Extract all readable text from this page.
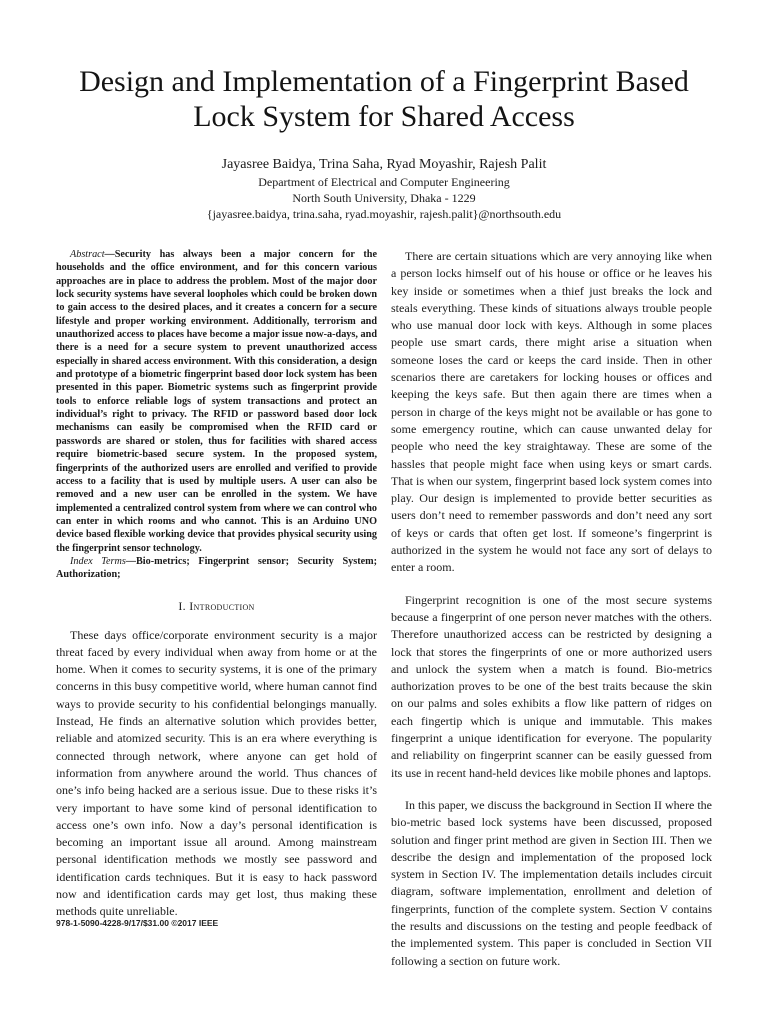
Design and Implementation of a Fingerprint Based
Lock System for Shared Access
Jayasree Baidya, Trina Saha, Ryad Moyashir, Rajesh Palit
Department of Electrical and Computer Engineering
North South University, Dhaka - 1229
{jayasree.baidya, trina.saha, ryad.moyashir, rajesh.palit}@northsouth.edu

Abstract—Security has always been a major concern for the households and the office environment, and for this concern various approaches are in place to address the problem. Most of the major door lock security systems have several loopholes which could be broken down to gain access to the desired places, and it creates a concern for a secure lifestyle and proper working environment. Additionally, terrorism and unauthorized access to places have become a major issue now-a-days, and there is a need for a secure system to prevent unauthorized access especially in shared access environment. With this consideration, a design and prototype of a biometric fingerprint based door lock system has been presented in this paper. Biometric systems such as fingerprint provide tools to enforce reliable logs of system transactions and protect an individual’s right to privacy. The RFID or password based door lock mechanisms can easily be compromised when the RFID card or passwords are shared or stolen, thus for facilities with shared access require biometric-based secure system. In the proposed system, fingerprints of the authorized users are enrolled and verified to provide access to a facility that is used by multiple users. A user can also be removed and a new user can be enrolled in the system. We have implemented a centralized control system from where we can control who can enter in which rooms and who cannot. This is an Arduino UNO device based flexible working device that provides physical security using the fingerprint sensor technology.

Index Terms—Bio-metrics; Fingerprint sensor; Security System; Authorization;

I. Introduction

These days office/corporate environment security is a major threat faced by every individual when away from home or at the home. When it comes to security systems, it is one of the primary concerns in this busy competitive world, where human cannot find ways to provide security to his confidential belongings manually. Instead, He finds an alternative solution which provides better, reliable and atomized security. This is an era where everything is connected through network, where anyone can get hold of information from anywhere around the world. Thus chances of one’s info being hacked are a serious issue. Due to these risks it’s very important to have some kind of personal identification to access one’s own info. Now a day’s personal identification is becoming an important issue all around. Among mainstream personal identification methods we mostly see password and identification cards techniques. But it is easy to hack password now and identification cards may get lost, thus making these methods quite unreliable.

There are certain situations which are very annoying like when a person locks himself out of his house or office or he leaves his key inside or sometimes when a thief just breaks the lock and steals everything. These kinds of situations always trouble people who use manual door lock with keys. Although in some places people use smart cards, there might arise a situation when someone loses the card or keeps the card inside. Then in other scenarios there are caretakers for locking houses or offices and keeping the keys safe. But then again there are times when a person in charge of the keys might not be available or has gone to some emergency routine, which can cause unwanted delay for people who need the key straightaway. These are some of the hassles that people might face when using keys or smart cards. That is when our system, fingerprint based lock system comes into play. Our design is implemented to provide better securities as users don’t need to remember passwords and don’t need any sort of keys or cards that often get lost. If someone’s fingerprint is authorized in the system he would not face any sort of delays to enter a room.

Fingerprint recognition is one of the most secure systems because a fingerprint of one person never matches with the others. Therefore unauthorized access can be restricted by designing a lock that stores the fingerprints of one or more authorized users and unlock the system when a match is found. Bio-metrics authorization proves to be one of the best traits because the skin on our palms and soles exhibits a flow like pattern of ridges on each fingertip which is unique and immutable. This makes fingerprint a unique identification for everyone. The popularity and reliability on fingerprint scanner can be easily guessed from its use in recent hand-held devices like mobile phones and laptops.

In this paper, we discuss the background in Section II where the bio-metric based lock systems have been discussed, proposed solution and finger print method are given in Section III. Then we describe the design and implementation of the proposed lock system in Section IV. The implementation details includes circuit diagram, software implementation, enrollment and deletion of fingerprints, function of the complete system. Section V contains the results and discussions on the testing and people feedback of the implemented system. This paper is concluded in Section VII following a section on future work.

978-1-5090-4228-9/17/$31.00 ©2017 IEEE
